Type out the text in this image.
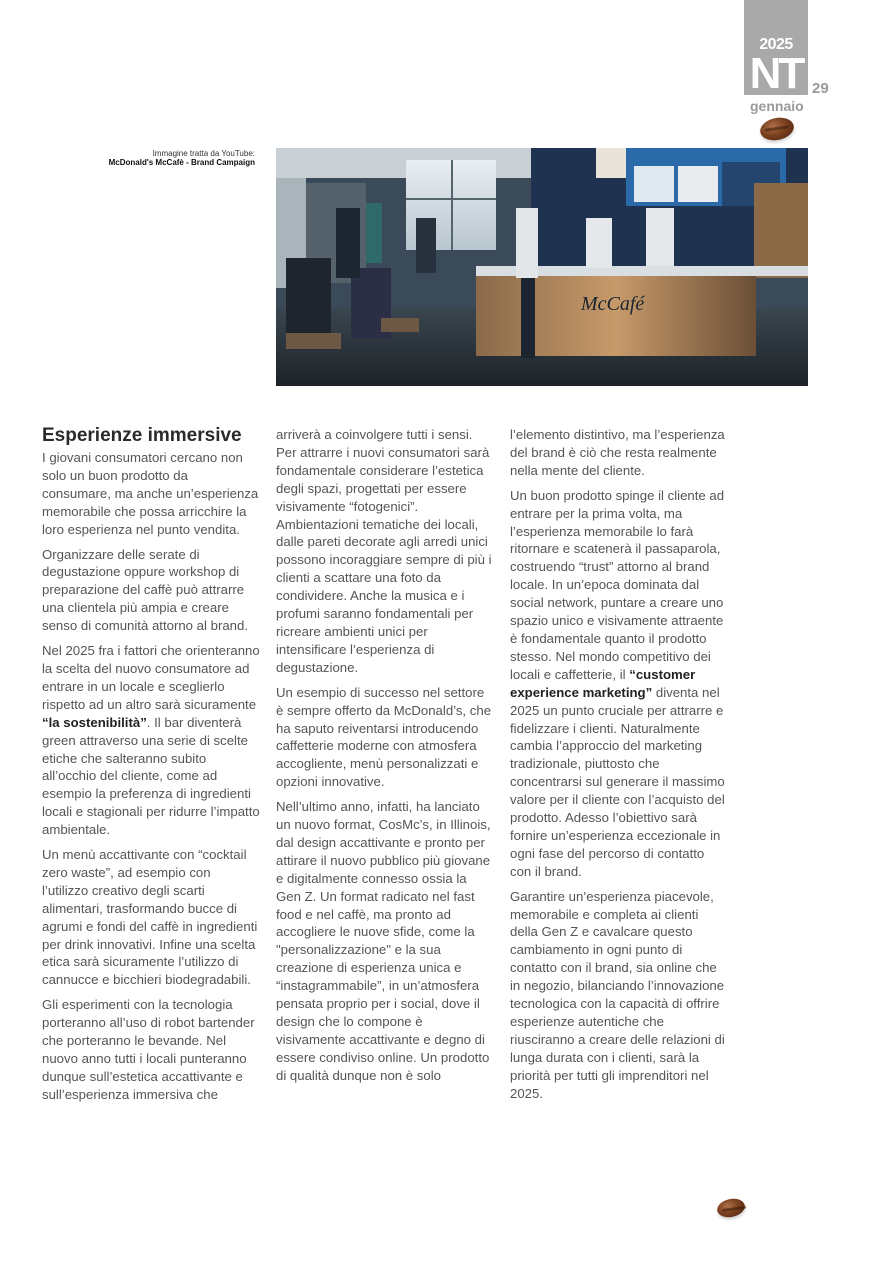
2025
NT 29
gennaio
Immagine tratta da YouTube:
McDonald's McCafè - Brand Campaign
McCafé
Esperienze immersive

I giovani consumatori cercano non solo un buon prodotto da consumare, ma anche un’esperienza memorabile che possa arricchire la loro esperienza nel punto vendita.

Organizzare delle serate di degustazione oppure workshop di preparazione del caffè può attrarre una clientela più ampia e creare senso di comunità attorno al brand.

Nel 2025 fra i fattori che orienteranno la scelta del nuovo consumatore ad entrare in un locale e sceglierlo rispetto ad un altro sarà sicuramente “la sostenibilità”. Il bar diventerà green attraverso una serie di scelte etiche che salteranno subito all’occhio del cliente, come ad esempio la preferenza di ingredienti locali e stagionali per ridurre l’impatto ambientale.

Un menù accattivante con “cocktail zero waste”, ad esempio con l’utilizzo creativo degli scarti alimentari, trasformando bucce di agrumi e fondi del caffè in ingredienti per drink innovativi. Infine una scelta etica sarà sicuramente l’utilizzo di cannucce e bicchieri biodegradabili.

Gli esperimenti con la tecnologia porteranno all’uso di robot bartender che porteranno le bevande. Nel nuovo anno tutti i locali punteranno dunque sull’estetica accattivante e sull’esperienza immersiva che

arriverà a coinvolgere tutti i sensi. Per attrarre i nuovi consumatori sarà fondamentale considerare l’estetica degli spazi, progettati per essere visivamente “fotogenici”. Ambientazioni tematiche dei locali, dalle pareti decorate agli arredi unici possono incoraggiare sempre di più i clienti a scattare una foto da condividere. Anche la musica e i profumi saranno fondamentali per ricreare ambienti unici per intensificare l’esperienza di degustazione.

Un esempio di successo nel settore è sempre offerto da McDonald’s, che ha saputo reiventarsi introducendo caffetterie moderne con atmosfera accogliente, menù personalizzati e opzioni innovative.

Nell’ultimo anno, infatti, ha lanciato un nuovo format, CosMc’s, in Illinois, dal design accattivante e pronto per attirare il nuovo pubblico più giovane e digitalmente connesso ossia la Gen Z. Un format radicato nel fast food e nel caffè, ma pronto ad accogliere le nuove sfide, come la "personalizzazione" e la sua creazione di esperienza unica e “instagrammabile”, in un’atmosfera pensata proprio per i social, dove il design che lo compone è visivamente accattivante e degno di essere condiviso online. Un prodotto di qualità dunque non è solo

l’elemento distintivo, ma l’esperienza del brand è ciò che resta realmente nella mente del cliente.

Un buon prodotto spinge il cliente ad entrare per la prima volta, ma l’esperienza memorabile lo farà ritornare e scatenerà il passaparola, costruendo “trust” attorno al brand locale. In un’epoca dominata dal social network, puntare a creare uno spazio unico e visivamente attraente è fondamentale quanto il prodotto stesso. Nel mondo competitivo dei locali e caffetterie, il “customer experience marketing” diventa nel 2025 un punto cruciale per attrarre e fidelizzare i clienti. Naturalmente cambia l’approccio del marketing tradizionale, piuttosto che concentrarsi sul generare il massimo valore per il cliente con l’acquisto del prodotto. Adesso l’obiettivo sarà fornire un’esperienza eccezionale in ogni fase del percorso di contatto con il brand.

Garantire un’esperienza piacevole, memorabile e completa ai clienti della Gen Z e cavalcare questo cambiamento in ogni punto di contatto con il brand, sia online che in negozio, bilanciando l’innovazione tecnologica con la capacità di offrire esperienze autentiche che riusciranno a creare delle relazioni di lunga durata con i clienti, sarà la priorità per tutti gli imprenditori nel 2025.
